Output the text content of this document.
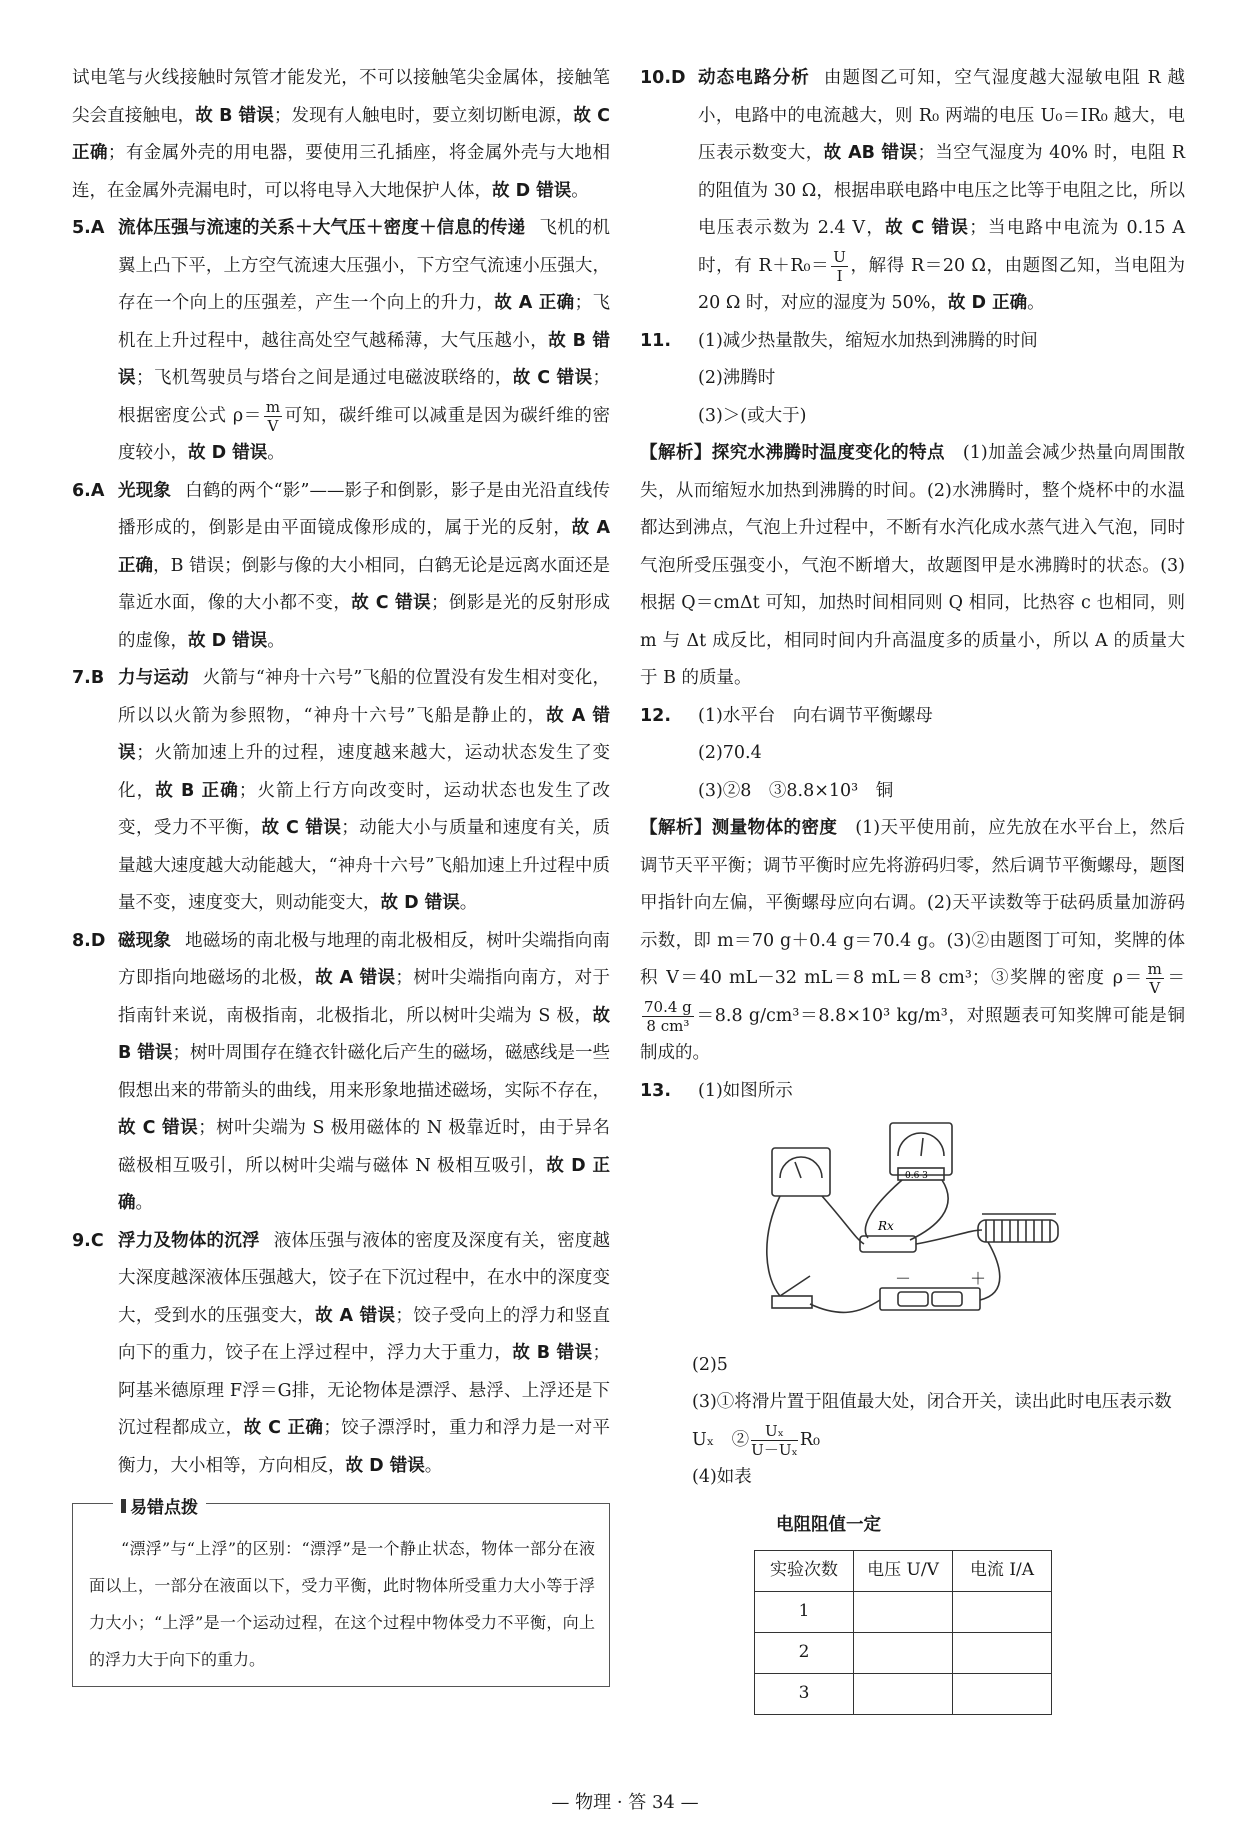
试电笔与火线接触时氖管才能发光，不可以接触笔尖金属体，接触笔尖会直接触电，故 B 错误；发现有人触电时，要立刻切断电源，故 C 正确；有金属外壳的用电器，要使用三孔插座，将金属外壳与大地相连，在金属外壳漏电时，可以将电导入大地保护人体，故 D 错误。

5.A 流体压强与流速的关系＋大气压＋密度＋信息的传递 飞机的机翼上凸下平，上方空气流速大压强小，下方空气流速小压强大，存在一个向上的压强差，产生一个向上的升力，故 A 正确；飞机在上升过程中，越往高处空气越稀薄，大气压越小，故 B 错误；飞机驾驶员与塔台之间是通过电磁波联络的，故 C 错误；根据密度公式 $\rho= \frac{m}{V}$ 可知，碳纤维可以减重是因为碳纤维的密度较小，故 D 错误。
6.A 光现象 白鹤的两个“影”——影子和倒影，影子是由光沿直线传播形成的，倒影是由平面镜成像形成的，属于光的反射，故 A 正确，B 错误；倒影与像的大小相同，白鹤无论是远离水面还是靠近水面，像的大小都不变，故 C 错误；倒影是光的反射形成的虚像，故 D 错误。
7.B 力与运动 火箭与“神舟十六号”飞船的位置没有发生相对变化，所以以火箭为参照物，“神舟十六号”飞船是静止的，故 A 错误；火箭加速上升的过程，速度越来越大，运动状态发生了变化，故 B 正确；火箭上行方向改变时，运动状态也发生了改变，受力不平衡，故 C 错误；动能大小与质量和速度有关，质量越大速度越大动能越大，“神舟十六号”飞船加速上升过程中质量不变，速度变大，则动能变大，故 D 错误。
8.D 磁现象 地磁场的南北极与地理的南北极相反，树叶尖端指向南方即指向地磁场的北极，故 A 错误；树叶尖端指向南方，对于指南针来说，南极指南，北极指北，所以树叶尖端为 S 极，故 B 错误；树叶周围存在缝衣针磁化后产生的磁场，磁感线是一些假想出来的带箭头的曲线，用来形象地描述磁场，实际不存在，故 C 错误；树叶尖端为 S 极用磁体的 N 极靠近时，由于异名磁极相互吸引，所以树叶尖端与磁体 N 极相互吸引，故 D 正确。
9.C 浮力及物体的沉浮 液体压强与液体的密度及深度有关，密度越大深度越深液体压强越大，饺子在下沉过程中，在水中的深度变大，受到水的压强变大，故 A 错误；饺子受向上的浮力和竖直向下的重力，饺子在上浮过程中，浮力大于重力，故 B 错误；阿基米德原理 F浮＝G排，无论物体是漂浮、悬浮、上浮还是下沉过程都成立，故 C 正确；饺子漂浮时，重力和浮力是一对平衡力，大小相等，方向相反，故 D 错误。
易错点拨
“漂浮”与“上浮”的区别：“漂浮”是一个静止状态，物体一部分在液面以上，一部分在液面以下，受力平衡，此时物体所受重力大小等于浮力大小；“上浮”是一个运动过程，在这个过程中物体受力不平衡，向上的浮力大于向下的重力。
10.D 动态电路分析 由题图乙可知，空气湿度越大湿敏电阻 R 越小，电路中的电流越大，则 R₀ 两端的电压 U₀＝IR₀ 越大，电压表示数变大，故 AB 错误；当空气湿度为 40% 时，电阻 R 的阻值为 30 Ω，根据串联电路中电压之比等于电阻之比，所以电压表示数为 2.4 V，故 C 错误；当电路中电流为 0.15 A 时，有 $R+R_0= \frac{U}{I}$ ，解得 R＝20 Ω，由题图乙知，当电阻为 20 Ω 时，对应的湿度为 50%，故 D 正确。
11.	(1)减少热量散失，缩短水加热到沸腾的时间
(2)沸腾时
(3)＞(或大于)

【解析】探究水沸腾时温度变化的特点　 (1)加盖会减少热量向周围散失，从而缩短水加热到沸腾的时间。(2)水沸腾时，整个烧杯中的水温都达到沸点，气泡上升过程中，不断有水汽化成水蒸气进入气泡，同时气泡所受压强变小，气泡不断增大，故题图甲是水沸腾时的状态。(3)根据 Q＝cmΔt 可知，加热时间相同则 Q 相同，比热容 c 也相同，则 m 与 Δt 成反比，相同时间内升高温度多的质量小，所以 A 的质量大于 B 的质量。

12.	(1)水平台　向右调节平衡螺母
(2)70.4
(3)②8　③8.8×10³　铜

【解析】测量物体的密度　 (1)天平使用前，应先放在水平台上，然后调节天平平衡；调节平衡时应先将游码归零，然后调节平衡螺母，题图甲指针向左偏，平衡螺母应向右调。(2)天平读数等于砝码质量加游码示数，即 m＝70 g＋0.4 g＝70.4 g。(3)②由题图丁可知，奖牌的体积 V＝40 mL－32 mL＝8 mL＝8 cm³；③奖牌的密度 $\rho= \frac{m}{V}$ ＝
$\frac{70.4 g}{\text{8 cm³}} =8.8$ g/cm³＝8.8×10³ kg/m³，对照题表可知奖牌可能是铜制成的。

13.	(1)如图所示
Rx
0.6 3
－	＋
(2)5
(3)①将滑片置于阻值最大处，闭合开关，读出此时电压表示数 Uₓ　② $\frac{\text{Uₓ}}{\text{U－Uₓ}} R_0$
(4)如表
电阻阻值一定
实验次数	电压 U/V	电流 I/A
1		
2		
3		
— 物理 · 答 34 —
